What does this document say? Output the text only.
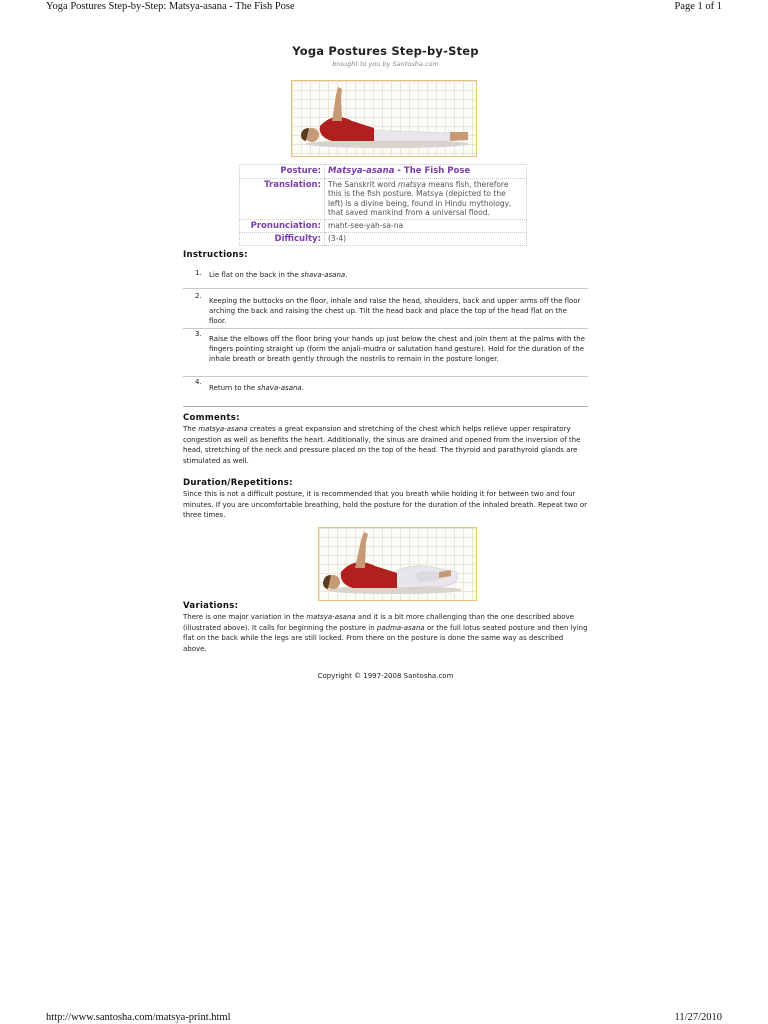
Yoga Postures Step-by-Step: Matsya-asana - The Fish Pose	Page 1 of 1
Yoga Postures Step-by-Step
brought to you by Santosha.com
Posture:	Matsya-asana - The Fish Pose
Translation:	The Sanskrit word matsya means fish, therefore this is the fish posture. Matsya (depicted to the left) is a divine being, found in Hindu mythology, that saved mankind from a universal flood.
Pronunciation:	maht-see-yah-sa-na
Difficulty:	(3-4)
Instructions:
1. Lie flat on the back in the shava-asana.
2.
Keeping the buttocks on the floor, inhale and raise the head, shoulders, back and upper arms off the floor arching the back and raising the chest up. Tilt the head back and place the top of the head flat on the floor.
3.
Raise the elbows off the floor bring your hands up just below the chest and join them at the palms with the fingers pointing straight up (form the anjali-mudra or salutation hand gesture). Hold for the duration of the inhale breath or breath gently through the nostrils to remain in the posture longer.
4.
Return to the shava-asana.
Comments:
The matsya-asana creates a great expansion and stretching of the chest which helps relieve upper respiratory congestion as well as benefits the heart. Additionally, the sinus are drained and opened from the inversion of the head, stretching of the neck and pressure placed on the top of the head. The thyroid and parathyroid glands are stimulated as well.
Duration/Repetitions:
Since this is not a difficult posture, it is recommended that you breath while holding it for between two and four minutes. If you are uncomfortable breathing, hold the posture for the duration of the inhaled breath. Repeat two or three times.
Variations:
There is one major variation in the matsya-asana and it is a bit more challenging than the one described above (illustrated above). It calls for beginning the posture in padma-asana or the full lotus seated posture and then lying flat on the back while the legs are still locked. From there on the posture is done the same way as described above.
Copyright © 1997-2008 Santosha.com
http://www.santosha.com/matsya-print.html	11/27/2010
